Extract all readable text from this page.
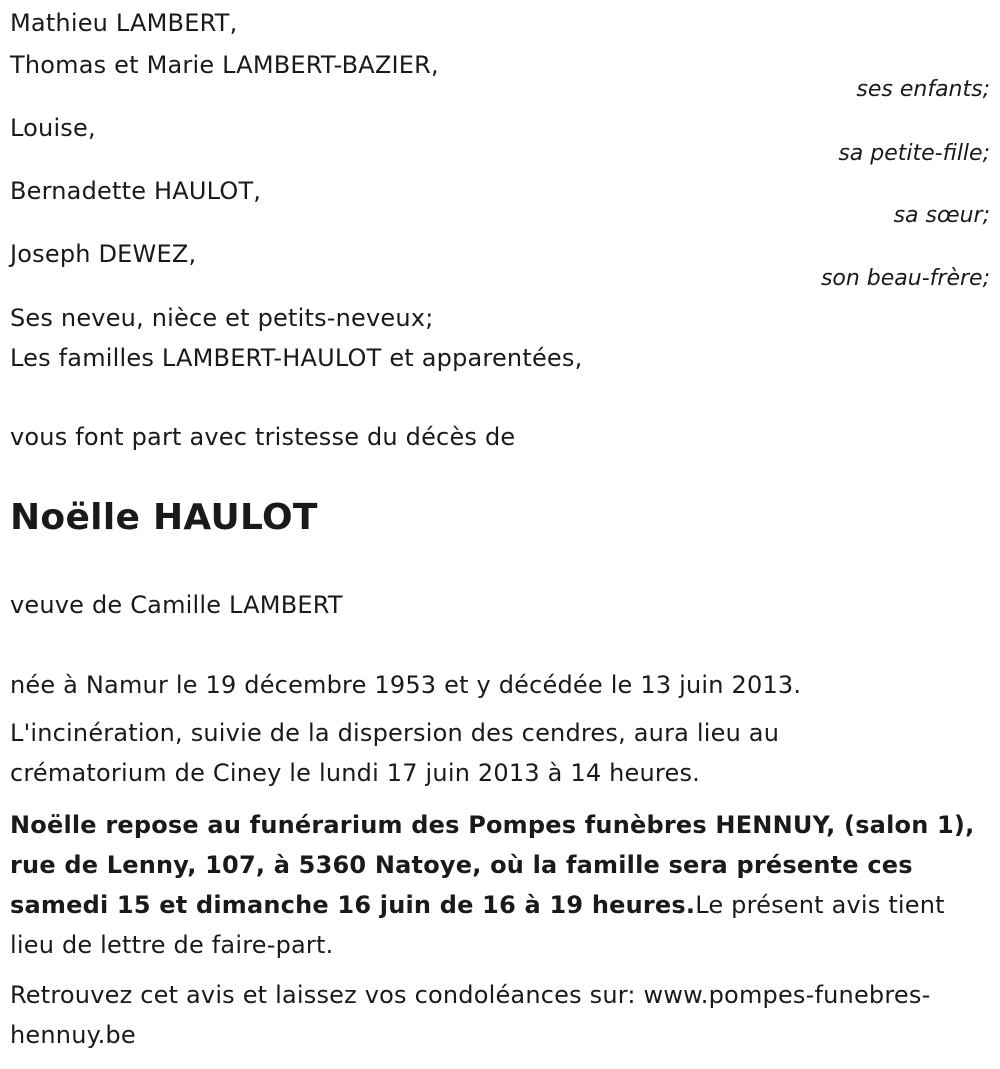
Mathieu LAMBERT,
Thomas et Marie LAMBERT-BAZIER,
ses enfants;
Louise,
sa petite-fille;
Bernadette HAULOT,
sa sœur;
Joseph DEWEZ,
son beau-frère;
Ses neveu, nièce et petits-neveux;
Les familles LAMBERT-HAULOT et apparentées,
vous font part avec tristesse du décès de
Noëlle HAULOT
veuve de Camille LAMBERT
née à Namur le 19 décembre 1953 et y décédée le 13 juin 2013.
L'incinération, suivie de la dispersion des cendres, aura lieu au
crématorium de Ciney le lundi 17 juin 2013 à 14 heures.
Noëlle repose au funérarium des Pompes funèbres HENNUY, (salon 1), rue de Lenny, 107, à 5360 Natoye, où la famille sera présente ces samedi 15 et dimanche 16 juin de 16 à 19 heures.Le présent avis tient lieu de lettre de faire-part.
Retrouvez cet avis et laissez vos condoléances sur: www.pompes-funebres-hennuy.be
